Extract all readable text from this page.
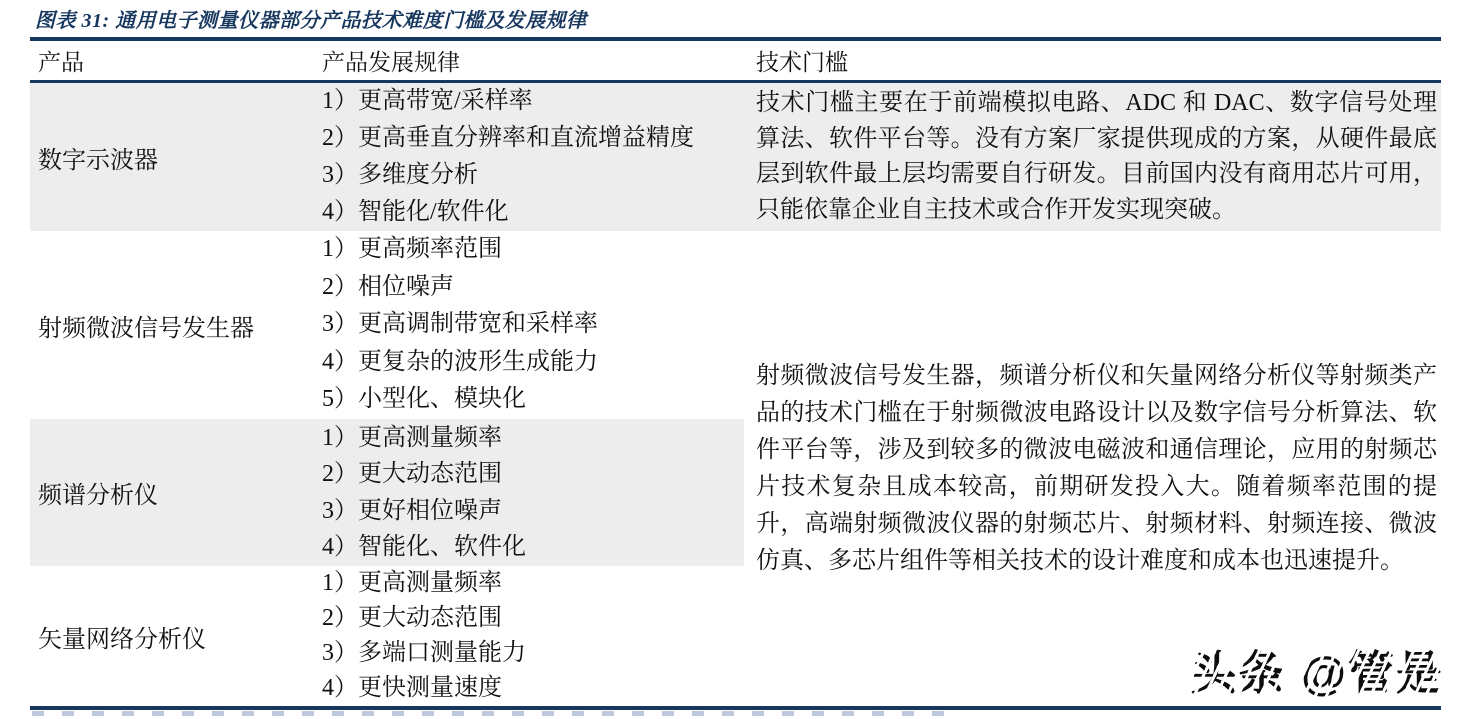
图表 31: 通用电子测量仪器部分产品技术难度门槛及发展规律
产品	产品发展规律	技术门槛
数字示波器
1）更高带宽/采样率
2）更高垂直分辨率和直流增益精度
3）多维度分析
4）智能化/软件化
射频微波信号发生器
1）更高频率范围
2）相位噪声
3）更高调制带宽和采样率
4）更复杂的波形生成能力
5）小型化、模块化
频谱分析仪
1）更高测量频率
2）更大动态范围
3）更好相位噪声
4）智能化、软件化
矢量网络分析仪
1）更高测量频率
2）更大动态范围
3）多端口测量能力
4）更快测量速度
技术门槛主要在于前端模拟电路、ADC 和 DAC、数字信号处理算法、软件平台等。没有方案厂家提供现成的方案，从硬件最底层到软件最上层均需要自行研发。目前国内没有商用芯片可用，只能依靠企业自主技术或合作开发实现突破。
射频微波信号发生器，频谱分析仪和矢量网络分析仪等射频类产品的技术门槛在于射频微波电路设计以及数字信号分析算法、软件平台等，涉及到较多的微波电磁波和通信理论，应用的射频芯片技术复杂且成本较高，前期研发投入大。随着频率范围的提升，高端射频微波仪器的射频芯片、射频材料、射频连接、微波仿真、多芯片组件等相关技术的设计难度和成本也迅速提升。
头条 @管是
